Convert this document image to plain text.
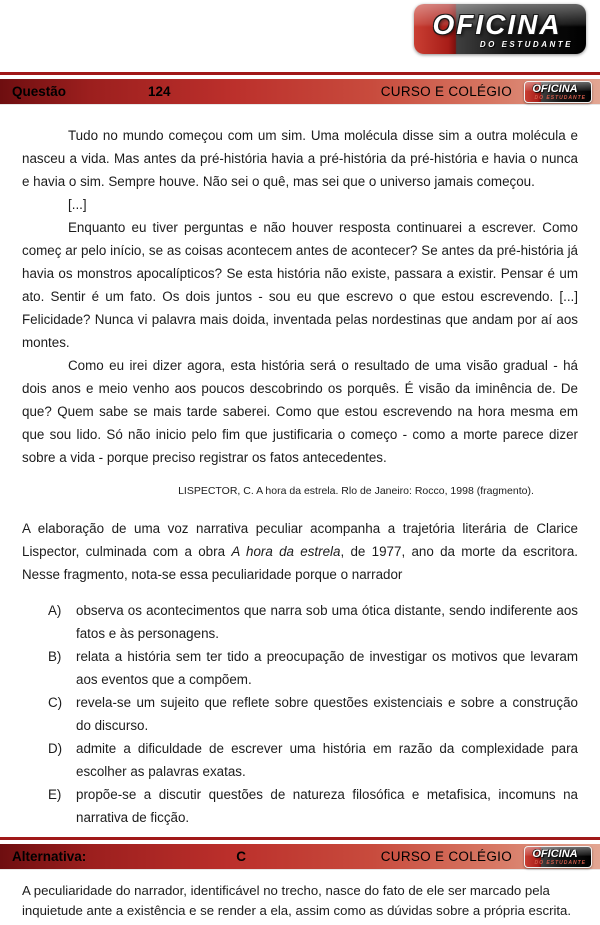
OFICINA
DO ESTUDANTE
Questão	124	CURSO E COLÉGIO	OFICINA
DO ESTUDANTE

Tudo no mundo começou com um sim. Uma molécula disse sim a outra molécula e nasceu a vida. Mas antes da pré-história havia a pré-história da pré-história e havia o nunca e havia o sim. Sempre houve. Não sei o quê, mas sei que o universo jamais começou.

[...]

Enquanto eu tiver perguntas e não houver resposta continuarei a escrever. Como começ ar pelo início, se as coisas acontecem antes de acontecer? Se antes da pré-história já havia os monstros apocalípticos? Se esta história não existe, passara a existir. Pensar é um ato. Sentir é um fato. Os dois juntos - sou eu que escrevo o que estou escrevendo. [...] Felicidade? Nunca vi palavra mais doida, inventada pelas nordestinas que andam por aí aos montes.

Como eu irei dizer agora, esta história será o resultado de uma visão gradual - há dois anos e meio venho aos poucos descobrindo os porquês. É visão da iminência de. De que? Quem sabe se mais tarde saberei. Como que estou escrevendo na hora mesma em que sou lido. Só não inicio pelo fim que justificaria o começo - como a morte parece dizer sobre a vida - porque preciso registrar os fatos antecedentes.

LISPECTOR, C. A hora da estrela. Rlo de Janeiro: Rocco, 1998 (fragmento).

A elaboração de uma voz narrativa peculiar acompanha a trajetória literária de Clarice Lispector, culminada com a obra A hora da estrela, de 1977, ano da morte da escritora. Nesse fragmento, nota-se essa peculiaridade porque o narrador

A)	observa os acontecimentos que narra sob uma ótica distante, sendo indiferente aos fatos e às personagens.
B)	relata a história sem ter tido a preocupação de investigar os motivos que levaram aos eventos que a compõem.
C)	revela-se um sujeito que reflete sobre questões existenciais e sobre a construção do discurso.
D)	admite a dificuldade de escrever uma história em razão da complexidade para escolher as palavras exatas.
E)	propõe-se a discutir questões de natureza filosófica e metafisica, incomuns na narrativa de ficção.
Alternativa:	C	CURSO E COLÉGIO	OFICINA
DO ESTUDANTE

A peculiaridade do narrador, identificável no trecho, nasce do fato de ele ser marcado pela inquietude ante a existência e se render a ela, assim como as dúvidas sobre a própria escrita.
